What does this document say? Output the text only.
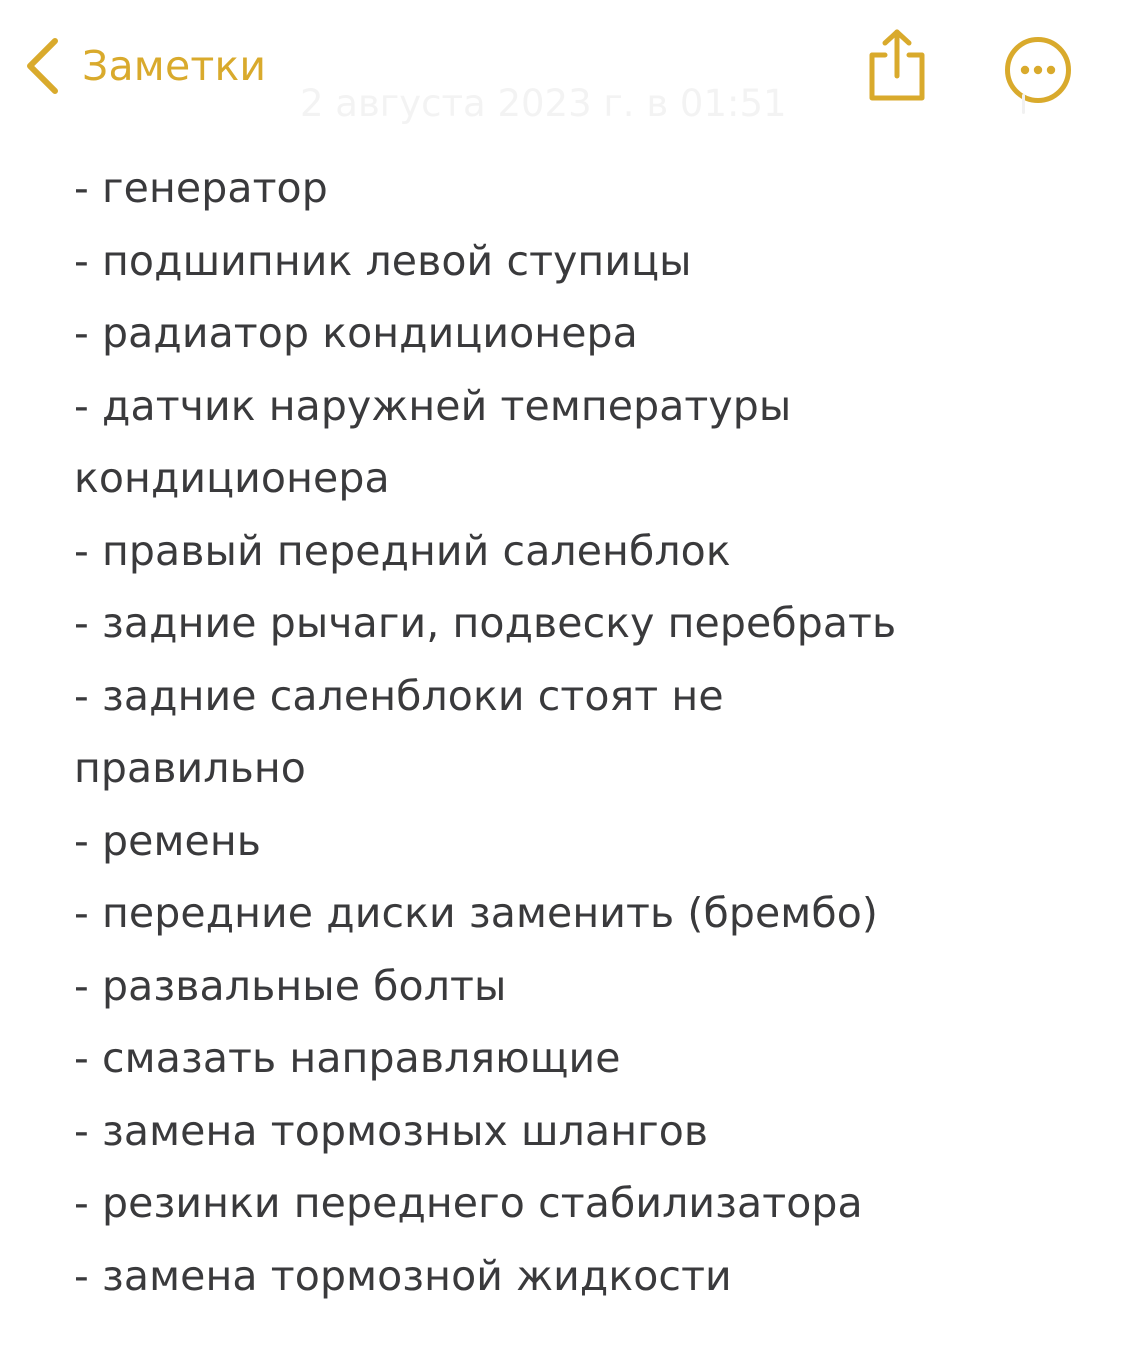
Заметки
2 августа 2023 г. в 01:51
- генератор
- подшипник левой ступицы
- радиатор кондиционера
- датчик наружней температуры
кондиционера
- правый передний саленблок
- задние рычаги, подвеску перебрать
- задние саленблоки стоят не
правильно
- ремень
- передние диски заменить (брембо)
- развальные болты
- смазать направляющие
- замена тормозных шлангов
- резинки переднего стабилизатора
- замена тормозной жидкости
